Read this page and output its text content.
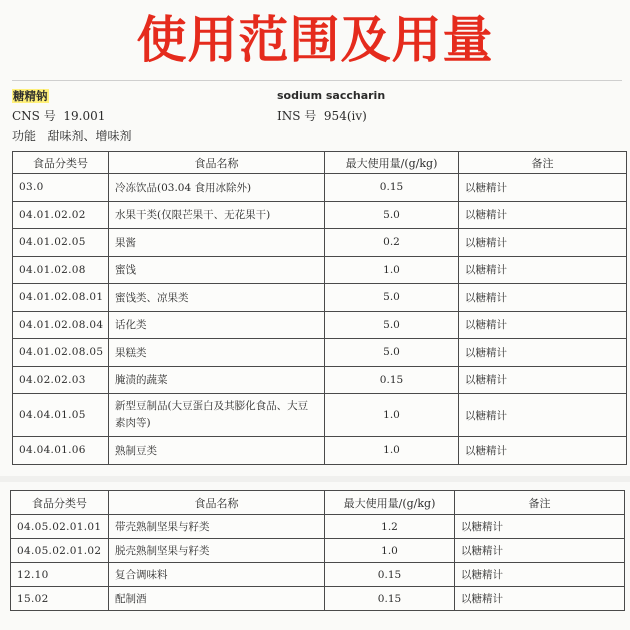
使用范围及用量
糖精钠	sodium saccharin
CNS 号 19.001	INS 号 954(iv)
功能 甜味剂、增味剂
食品分类号	食品名称	最大使用量/(g/kg)	备注
03.0	冷冻饮品(03.04 食用冰除外)	0.15	以糖精计
04.01.02.02	水果干类(仅限芒果干、无花果干)	5.0	以糖精计
04.01.02.05	果酱	0.2	以糖精计
04.01.02.08	蜜饯	1.0	以糖精计
04.01.02.08.01	蜜饯类、凉果类	5.0	以糖精计
04.01.02.08.04	话化类	5.0	以糖精计
04.01.02.08.05	果糕类	5.0	以糖精计
04.02.02.03	腌渍的蔬菜	0.15	以糖精计
04.04.01.05	新型豆制品(大豆蛋白及其膨化食品、大豆素肉等)	1.0	以糖精计
04.04.01.06	熟制豆类	1.0	以糖精计
食品分类号	食品名称	最大使用量/(g/kg)	备注
04.05.02.01.01	带壳熟制坚果与籽类	1.2	以糖精计
04.05.02.01.02	脱壳熟制坚果与籽类	1.0	以糖精计
12.10	复合调味料	0.15	以糖精计
15.02	配制酒	0.15	以糖精计
